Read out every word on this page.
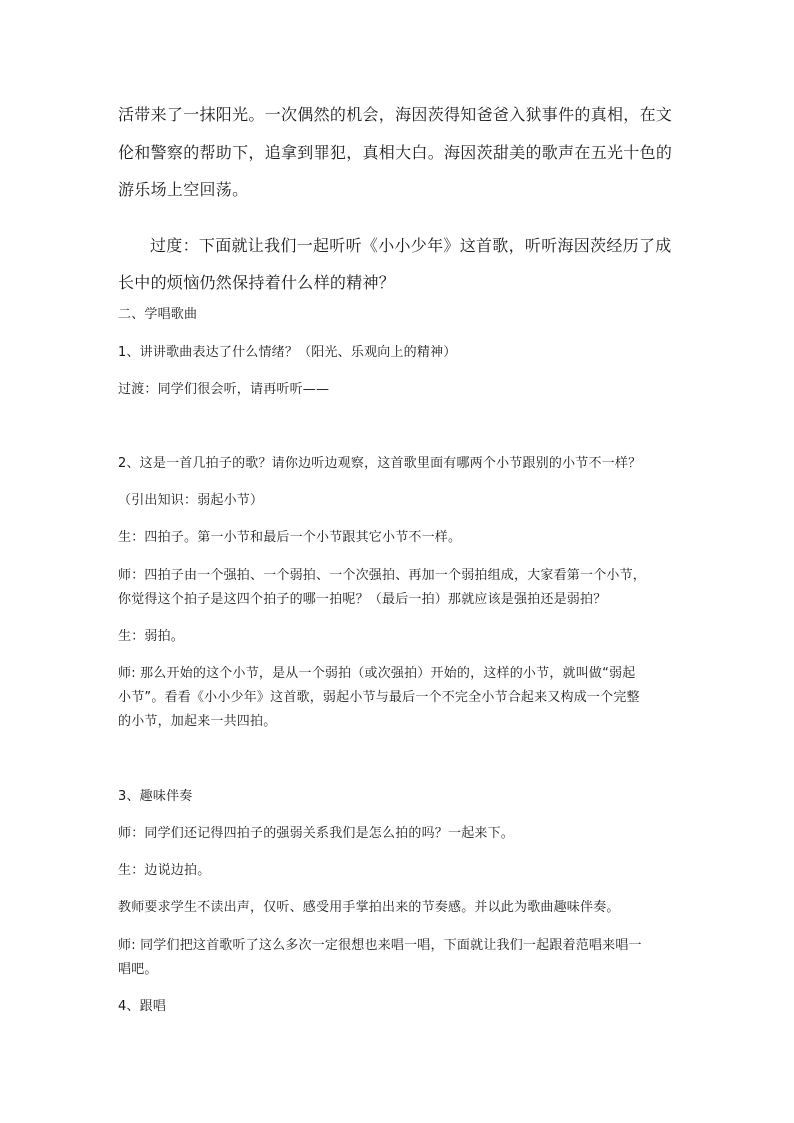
活带来了一抹阳光。一次偶然的机会，海因茨得知爸爸入狱事件的真相，在文
伦和警察的帮助下，追拿到罪犯，真相大白。海因茨甜美的歌声在五光十色的
游乐场上空回荡。
过度：下面就让我们一起听听《小小少年》这首歌，听听海因茨经历了成
长中的烦恼仍然保持着什么样的精神？
二、学唱歌曲
1、讲讲歌曲表达了什么情绪？（阳光、乐观向上的精神）
过渡：同学们很会听，请再听听——
2、这是一首几拍子的歌？请你边听边观察，这首歌里面有哪两个小节跟别的小节不一样？
（引出知识：弱起小节）
生：四拍子。第一小节和最后一个小节跟其它小节不一样。
师：四拍子由一个强拍、一个弱拍、一个次强拍、再加一个弱拍组成，大家看第一个小节，
你觉得这个拍子是这四个拍子的哪一拍呢？（最后一拍）那就应该是强拍还是弱拍？
生：弱拍。
师: 那么开始的这个小节，是从一个弱拍（或次强拍）开始的，这样的小节，就叫做“弱起
小节”。看看《小小少年》这首歌，弱起小节与最后一个不完全小节合起来又构成一个完整
的小节，加起来一共四拍。
3、趣味伴奏
师：同学们还记得四拍子的强弱关系我们是怎么拍的吗？一起来下。
生：边说边拍。
教师要求学生不读出声，仅听、感受用手掌拍出来的节奏感。并以此为歌曲趣味伴奏。
师: 同学们把这首歌听了这么多次一定很想也来唱一唱，下面就让我们一起跟着范唱来唱一
唱吧。
4、跟唱
